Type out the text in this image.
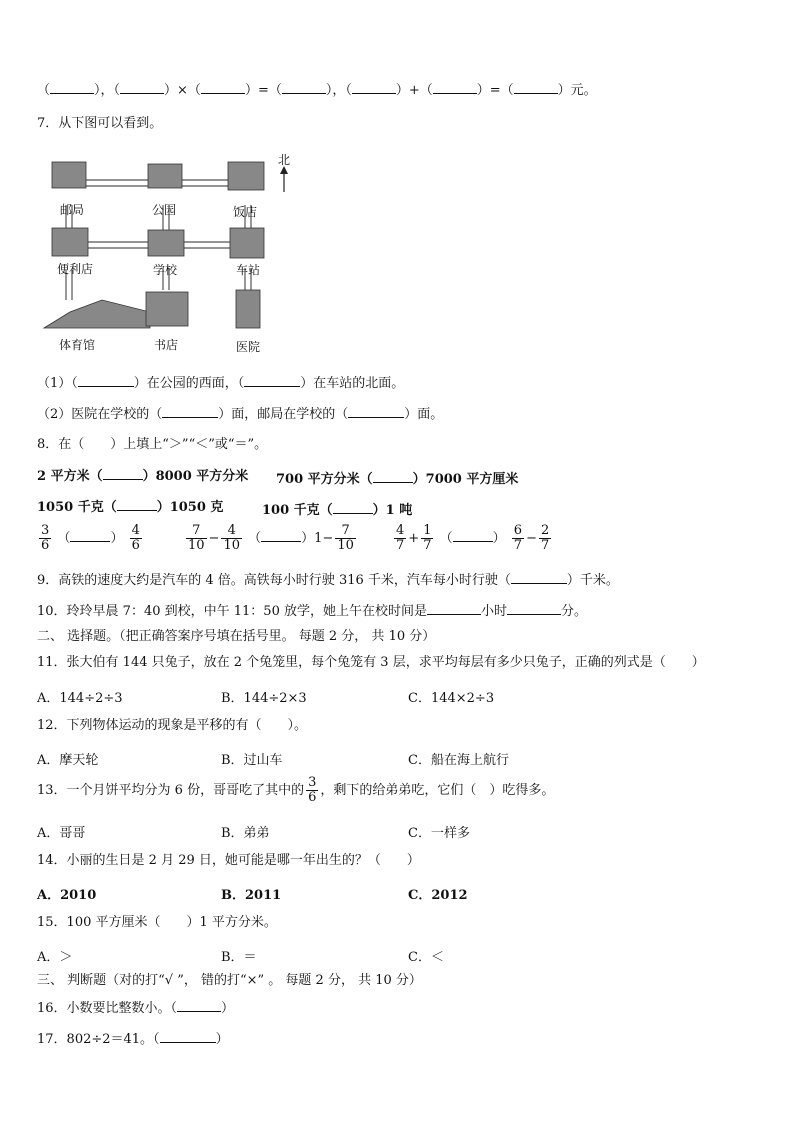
（	），（	）×（	）=（	），（	）+（	）=（	）元。
7．从下图可以看到。
邮局	公园	饭店
便利店	学校	车站
体育馆	书店	医院
北
（1）（	）在公园的西面，（	）在车站的北面。
（2）医院在学校的（	）面，邮局在学校的（	）面。
8．在（　　）上填上“＞”“＜”或“＝”。
2 平方米（	）8000 平方分米 700 平方分米（	）7000 平方厘米
1050 千克（	）1050 克	100 千克（	）1 吨
$\frac{3}{6}$ （	） $\frac{4}{6}$	$\frac{7}{10} - \frac{4}{10}$ （	）$1- \frac{7}{10}$	$\frac{4}{7} + \frac{1}{7}$ （	） $\frac{6}{7} - \frac{2}{7}$
9．高铁的速度大约是汽车的 4 倍。高铁每小时行驶 316 千米，汽车每小时行驶（	）千米。
10．玲玲早晨 7：40 到校，中午 11：50 放学，她上午在校时间是	小时	分。
二、 选择题。（把正确答案序号填在括号里。 每题 2 分， 共 10 分）
11．张大伯有 144 只兔子，放在 2 个兔笼里，每个兔笼有 3 层，求平均每层有多少只兔子，正确的列式是（　　）
A．144÷2÷3	B．144÷2×3	C．144×2÷3
12．下列物体运动的现象是平移的有（　　）。
A．摩天轮	B．过山车	C．船在海上航行
13．一个月饼平均分为 6 份，哥哥吃了其中的 $\frac{3}{6}$ ，剩下的给弟弟吃，它们（　）吃得多。
A．哥哥	B．弟弟	C．一样多
14．小丽的生日是 2 月 29 日，她可能是哪一年出生的？（　　）
A．2010	B．2011	C．2012
15．100 平方厘米（　　）1 平方分米。
A．＞	B．＝	C．＜
三、 判断题（对的打“√ ”， 错的打“×” 。 每题 2 分， 共 10 分）
16．小数要比整数小。（	）
17．802÷2＝41。（	）
